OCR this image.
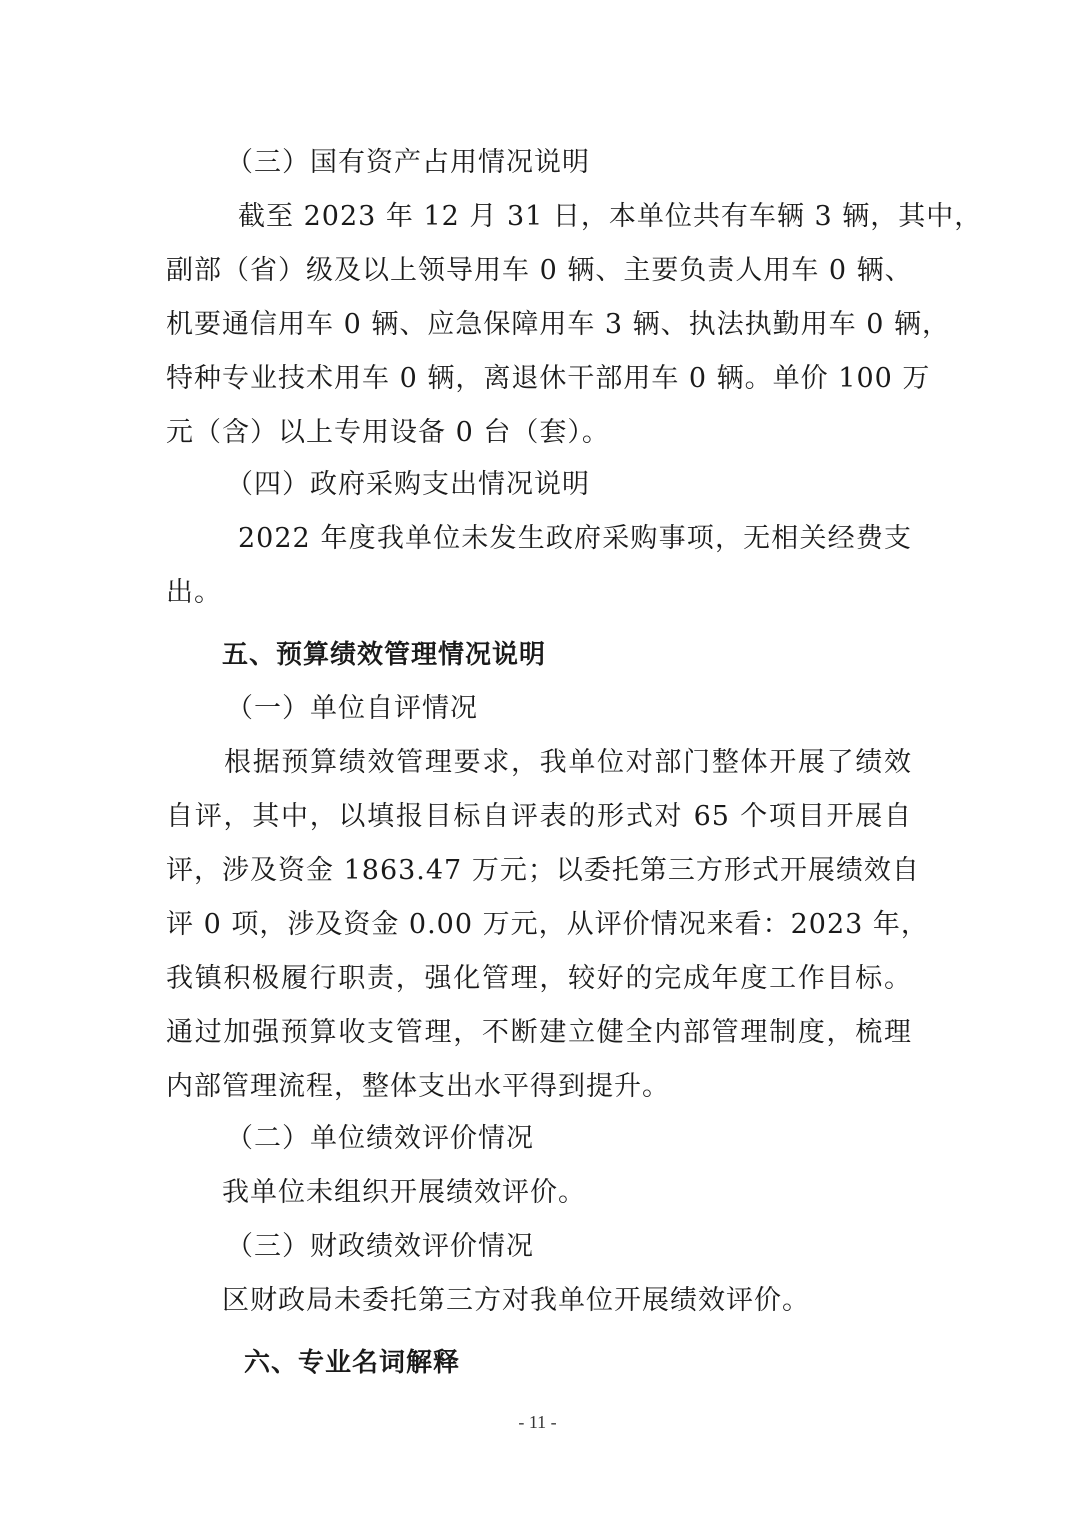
（三）国有资产占用情况说明
截至 2023 年 12 月 31 日，本单位共有车辆 3 辆，其中，
副部（省）级及以上领导用车 0 辆、主要负责人用车 0 辆、
机要通信用车 0 辆、应急保障用车 3 辆、执法执勤用车 0 辆，
特种专业技术用车 0 辆，离退休干部用车 0 辆。单价 100 万
元（含）以上专用设备 0 台（套）。
（四）政府采购支出情况说明
2022 年度我单位未发生政府采购事项，无相关经费支
出。
五、预算绩效管理情况说明
（一）单位自评情况
根据预算绩效管理要求，我单位对部门整体开展了绩效
自评，其中，以填报目标自评表的形式对 65 个项目开展自
评，涉及资金 1863.47 万元；以委托第三方形式开展绩效自
评 0 项，涉及资金 0.00 万元，从评价情况来看：2023 年，
我镇积极履行职责，强化管理，较好的完成年度工作目标。
通过加强预算收支管理，不断建立健全内部管理制度，梳理
内部管理流程，整体支出水平得到提升。
（二）单位绩效评价情况
我单位未组织开展绩效评价。
（三）财政绩效评价情况
区财政局未委托第三方对我单位开展绩效评价。
六、专业名词解释
- 11 -
